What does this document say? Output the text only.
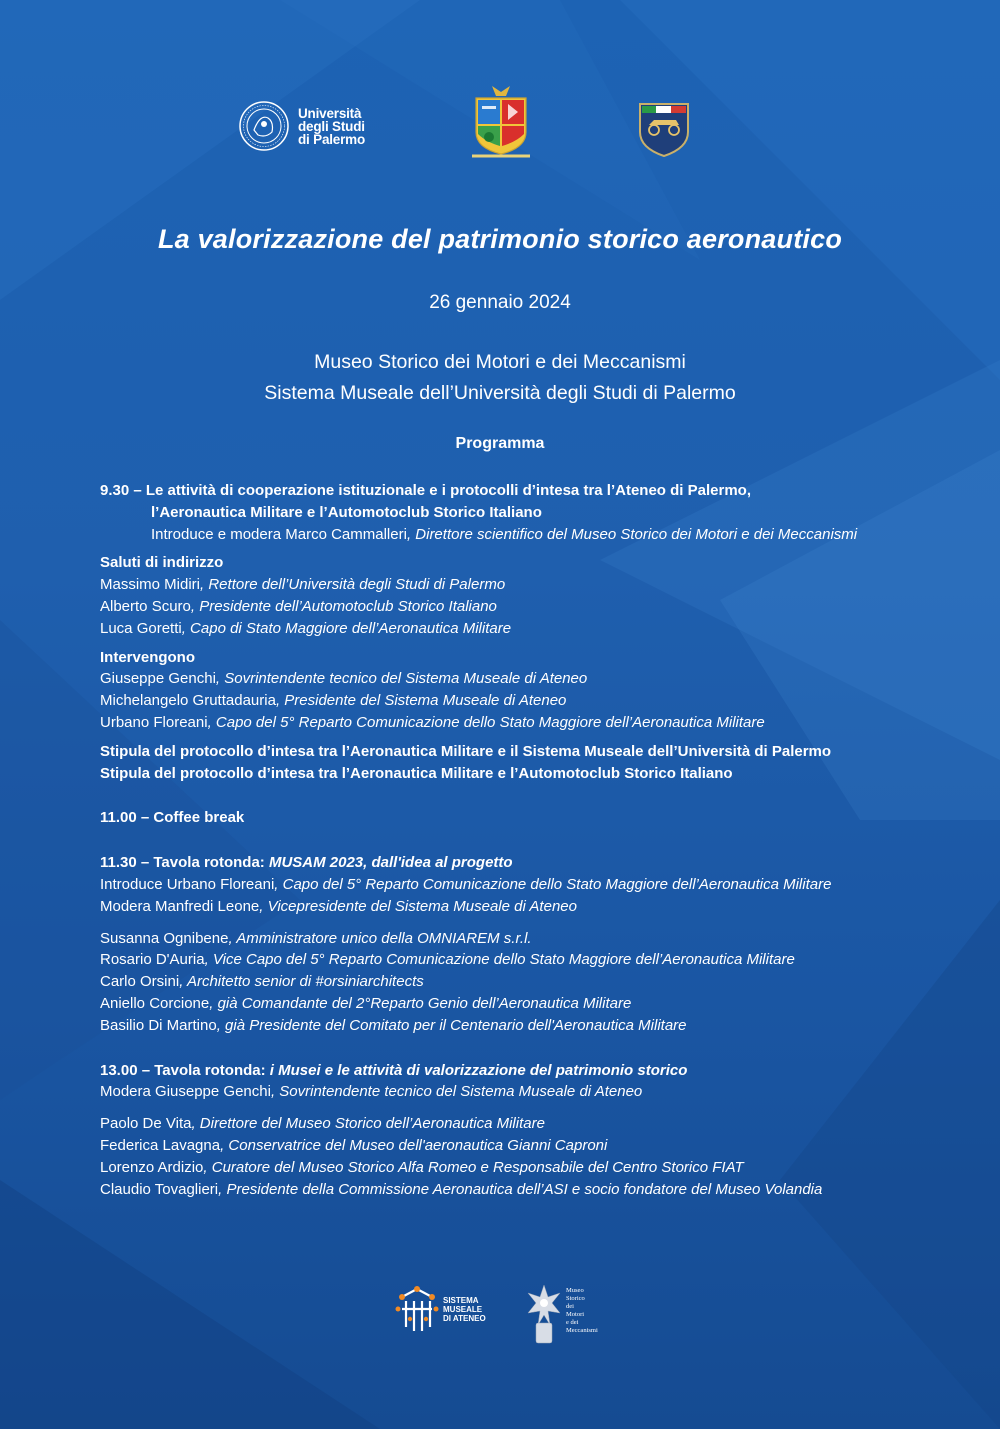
Università
degli Studi
di Palermo
La valorizzazione del patrimonio storico aeronautico
26 gennaio 2024
Museo Storico dei Motori e dei Meccanismi
Sistema Museale dell’Università degli Studi di Palermo
Programma
9.30 – Le attività di cooperazione istituzionale e i protocolli d’intesa tra l’Ateneo di Palermo,
l’Aeronautica Militare e l’Automotoclub Storico Italiano
Introduce e modera Marco Cammalleri, Direttore scientifico del Museo Storico dei Motori e dei Meccanismi
Saluti di indirizzo
Massimo Midiri, Rettore dell’Università degli Studi di Palermo
Alberto Scuro, Presidente dell’Automotoclub Storico Italiano
Luca Goretti, Capo di Stato Maggiore dell’Aeronautica Militare
Intervengono
Giuseppe Genchi, Sovrintendente tecnico del Sistema Museale di Ateneo
Michelangelo Gruttadauria, Presidente del Sistema Museale di Ateneo
Urbano Floreani, Capo del 5° Reparto Comunicazione dello Stato Maggiore dell’Aeronautica Militare
Stipula del protocollo d’intesa tra l’Aeronautica Militare e il Sistema Museale dell’Università di Palermo
Stipula del protocollo d’intesa tra l’Aeronautica Militare e l’Automotoclub Storico Italiano
11.00 – Coffee break
11.30 – Tavola rotonda: MUSAM 2023, dall'idea al progetto
Introduce Urbano Floreani, Capo del 5° Reparto Comunicazione dello Stato Maggiore dell’Aeronautica Militare
Modera Manfredi Leone, Vicepresidente del Sistema Museale di Ateneo
Susanna Ognibene, Amministratore unico della OMNIAREM s.r.l.
Rosario D'Auria, Vice Capo del 5° Reparto Comunicazione dello Stato Maggiore dell’Aeronautica Militare
Carlo Orsini, Architetto senior di #orsiniarchitects
Aniello Corcione, già Comandante del 2°Reparto Genio dell’Aeronautica Militare
Basilio Di Martino, già Presidente del Comitato per il Centenario dell'Aeronautica Militare
13.00 – Tavola rotonda: i Musei e le attività di valorizzazione del patrimonio storico
Modera Giuseppe Genchi, Sovrintendente tecnico del Sistema Museale di Ateneo
Paolo De Vita, Direttore del Museo Storico dell’Aeronautica Militare
Federica Lavagna, Conservatrice del Museo dell'aeronautica Gianni Caproni
Lorenzo Ardizio, Curatore del Museo Storico Alfa Romeo e Responsabile del Centro Storico FIAT
Claudio Tovaglieri, Presidente della Commissione Aeronautica dell’ASI e socio fondatore del Museo Volandia
SISTEMA
MUSEALE
DI ATENEO
Museo
Storico
dei
Motori
e dei
Meccanismi
